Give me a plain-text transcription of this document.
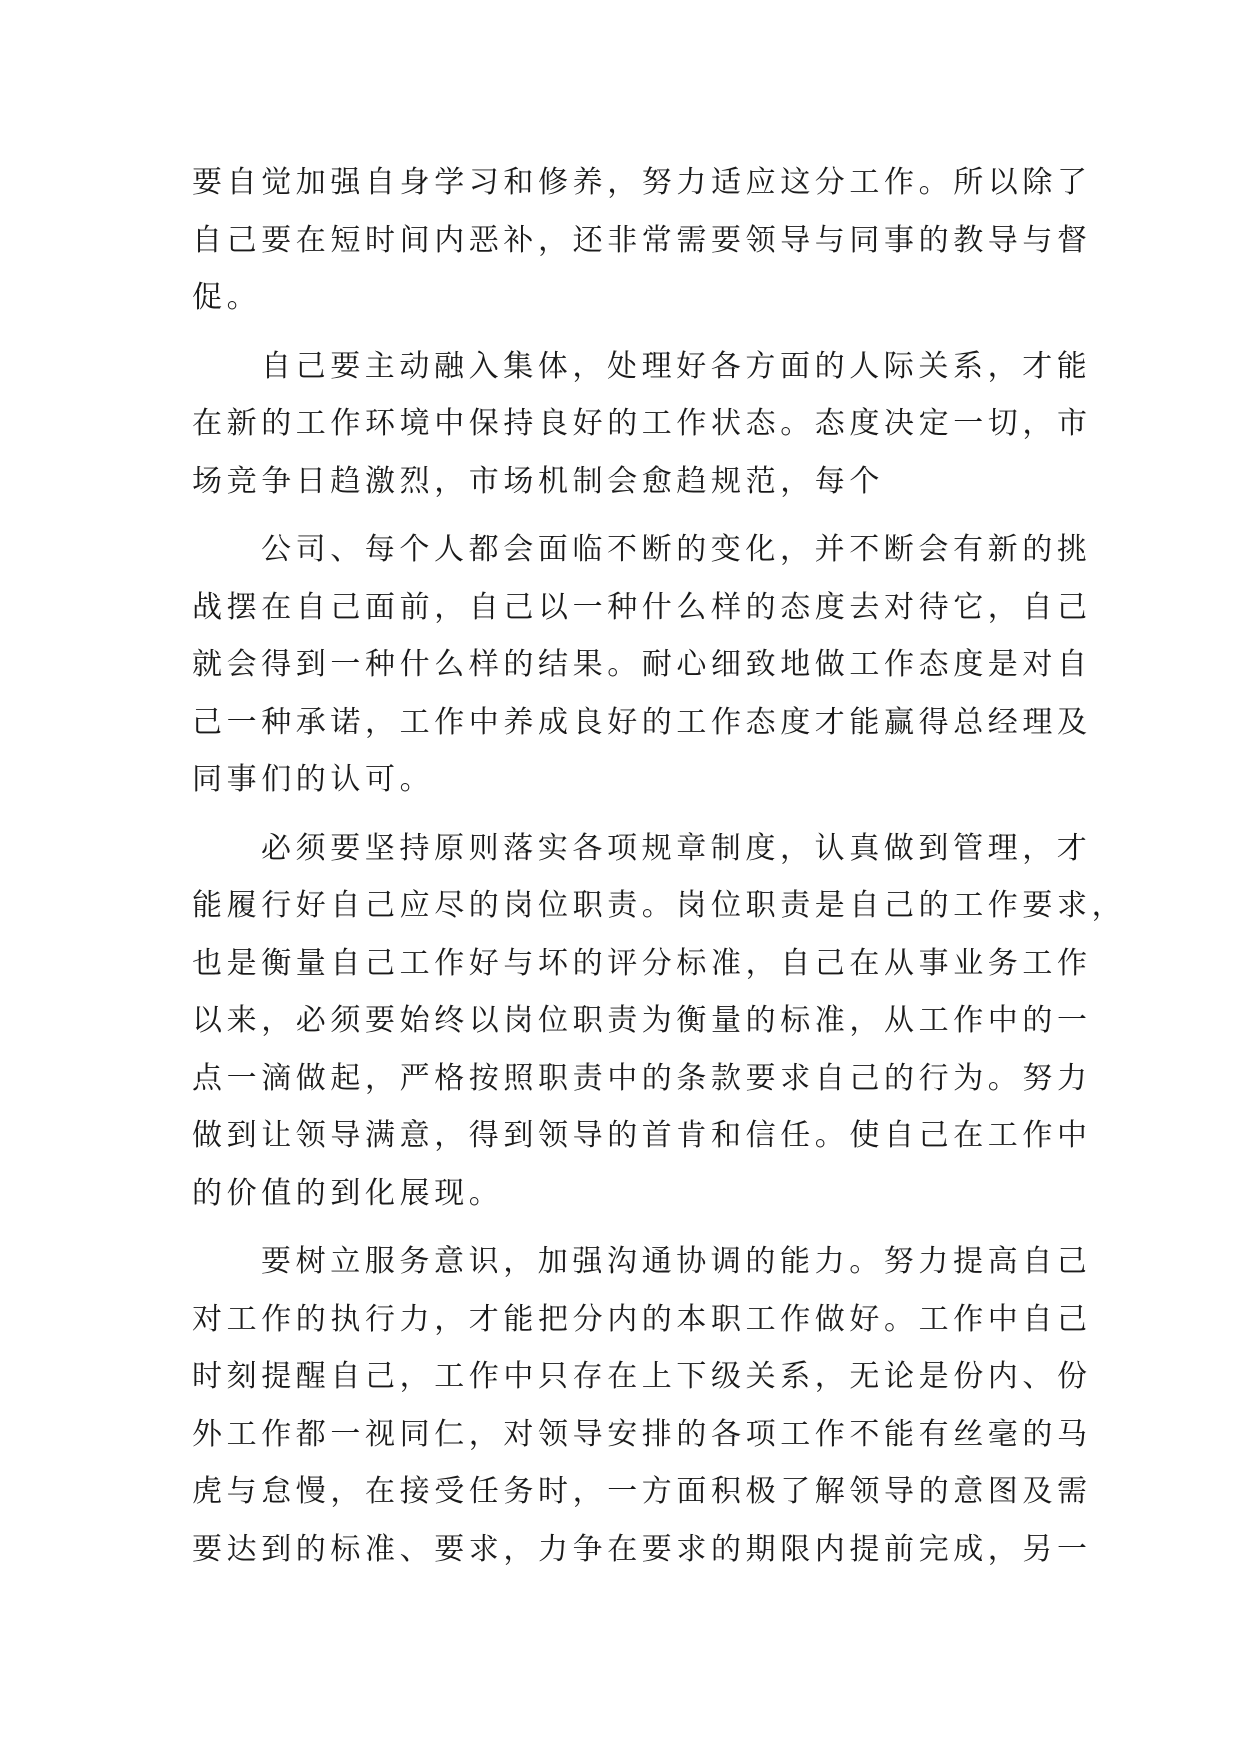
要自觉加强自身学习和修养，努力适应这分工作。所以除了
自己要在短时间内恶补，还非常需要领导与同事的教导与督
促。
自己要主动融入集体，处理好各方面的人际关系，才能
在新的工作环境中保持良好的工作状态。态度决定一切，市
场竞争日趋激烈，市场机制会愈趋规范，每个
公司、每个人都会面临不断的变化，并不断会有新的挑
战摆在自己面前，自己以一种什么样的态度去对待它，自己
就会得到一种什么样的结果。耐心细致地做工作态度是对自
己一种承诺，工作中养成良好的工作态度才能赢得总经理及
同事们的认可。
必须要坚持原则落实各项规章制度，认真做到管理，才
能履行好自己应尽的岗位职责。岗位职责是自己的工作要求，
也是衡量自己工作好与坏的评分标准，自己在从事业务工作
以来，必须要始终以岗位职责为衡量的标准，从工作中的一
点一滴做起，严格按照职责中的条款要求自己的行为。努力
做到让领导满意，得到领导的首肯和信任。使自己在工作中
的价值的到化展现。
要树立服务意识，加强沟通协调的能力。努力提高自己
对工作的执行力，才能把分内的本职工作做好。工作中自己
时刻提醒自己，工作中只存在上下级关系，无论是份内、份
外工作都一视同仁，对领导安排的各项工作不能有丝毫的马
虎与怠慢，在接受任务时，一方面积极了解领导的意图及需
要达到的标准、要求，力争在要求的期限内提前完成，另一
